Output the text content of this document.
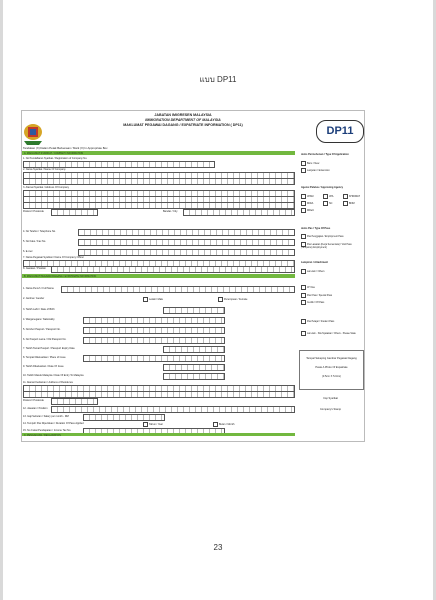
แบบ DP11
JABATAN IMIGRESEN MALAYSIA
IMMIGRATION DEPARTMENT OF MALAYSIA
MAKLUMAT PEGAWAI DAGANG / EXPATRIATE INFORMATION ( DP11)	DP11
Tandakan (X) Dalam Petak Berkenaan / Mark (X) In Appropriate Box
A. MAKLUMAT SYARIKAT / COMPANY INFORMATION
1. No Pendaftaran Syarikat / Registration of Company No.
2. Nama Syarikat / Name Of Company
3. Alamat Syarikat / Address Of Company
Poskod / Postcode	Bandar / City
4. No Telefon / Telephone No.
5. No Faks / Fax No.
6. E-mel
7. Nama Pegawai Syarikat / Name Of Company Officer
8. Jawatan / Position
B. MAKLUMAT PEGAWAI DAGANG / EXPATRIATE INFORMATION
1. Nama Penuh / Full Name
2. Jantina / Gender	Lelaki / Male	Perempuan / Female
3. Tarikh Lahir / Date of Birth
4. Warganegara / Nationality
5. Nombor Pasport / Passport No.
6. No Pasport Lama / Old Passport No.
7. Tarikh Tamat Pasport / Passport Expiry Date
8. Tempat Dikeluarkan / Place of Issue
9. Tarikh Dikeluarkan / Date Of Issue
10. Tarikh Masuk Malaysia / Date Of Entry To Malaysia
11. Alamat Kediaman / Address of Residence
Poskod / Postcode
12. Jawatan / Position
13. Gaji Sebulan / Salary per month - RM
14. Tempoh Pas Diperlukan / Duration Of Pass Applied	Tahun / Year	Bulan / Month
15. No Cukai Pendapatan / Income Tax No.
C. PENGAKUAN / DECLARATION
Jenis Permohonan / Type Of Application
Baru / New
Lanjutan / Extension
Agensi Pelulus / Approving Agency
JPAM	JPA	KHIDMAT
MIDA	SC	BNM
MDeC
Jenis Pas / Type Of Pass
Pas Penggajian / Employment Pass
Pas Lawatan (Kerja Sementara) / Visit Pass (Temporary Employment)
Lampiran / Attachment
Lain-lain / Others
JP Visa
Pas Khas / Special Pass
Cerdik / Off Pass
Pas Pelajar / Student Pass
Lain-lain - Sila Nyatakan / Others - Please State
Tampal Sekeping Gambar Pegawai Dagang
Paste A Photo Of Expatriate
(3.5cm X 5.0cm)
Cop Syarikat
Company's Stamp
23
